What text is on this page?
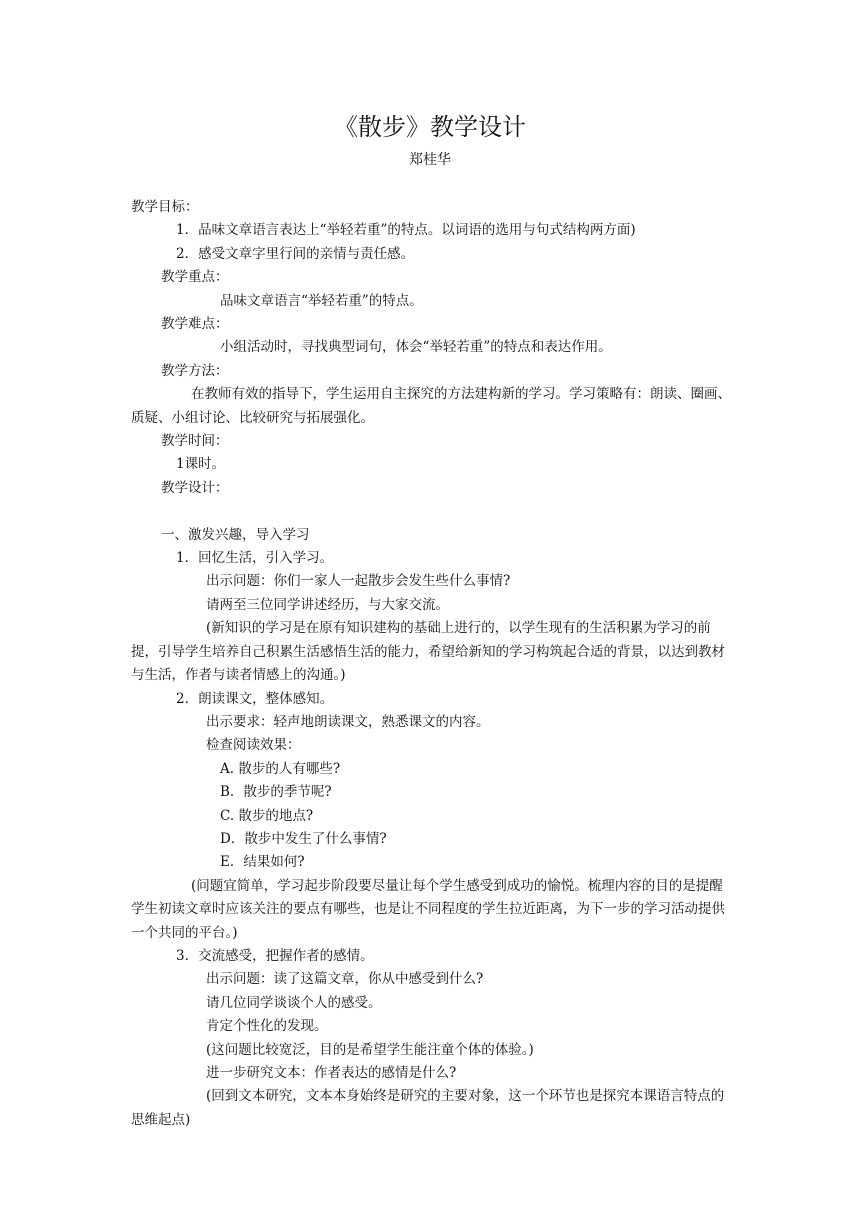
《散步》教学设计
郑桂华

教学目标：

1．品味文章语言表达上“举轻若重”的特点。以词语的选用与句式结构两方面)

2．感受文章字里行间的亲情与责任感。

教学重点：

品味文章语言“举轻若重”的特点。

教学难点：

小组活动时，寻找典型词句，体会“举轻若重”的特点和表达作用。

教学方法：

在教师有效的指导下，学生运用自主探究的方法建构新的学习。学习策略有：朗读、圈画、质疑、小组讨论、比较研究与拓展强化。

教学时间：

1课时。

教学设计：

一、激发兴趣，导入学习

1．回忆生活，引入学习。

出示问题：你们一家人一起散步会发生些什么事情?

请两至三位同学讲述经历，与大家交流。

(新知识的学习是在原有知识建构的基础上进行的，以学生现有的生活积累为学习的前提，引导学生培养自己积累生活感悟生活的能力，希望给新知的学习构筑起合适的背景，以达到教材与生活，作者与读者情感上的沟通。)

2．朗读课文，整体感知。

出示要求：轻声地朗读课文，熟悉课文的内容。

检查阅读效果：

A. 散步的人有哪些?

B．散步的季节呢?

C. 散步的地点?

D．散步中发生了什么事情?

E．结果如何?

(问题宜简单，学习起步阶段要尽量让每个学生感受到成功的愉悦。梳理内容的目的是提醒学生初读文章时应该关注的要点有哪些，也是让不同程度的学生拉近距离，为下一步的学习活动提供一个共同的平台。)

3．交流感受，把握作者的感情。

出示问题：读了这篇文章，你从中感受到什么?

请几位同学谈谈个人的感受。

肯定个性化的发现。

(这问题比较宽泛，目的是希望学生能注童个体的体验。)

进一步研究文本：作者表达的感情是什么?

(回到文本研究，文本本身始终是研究的主要对象，这一个环节也是探究本课语言特点的思维起点)
